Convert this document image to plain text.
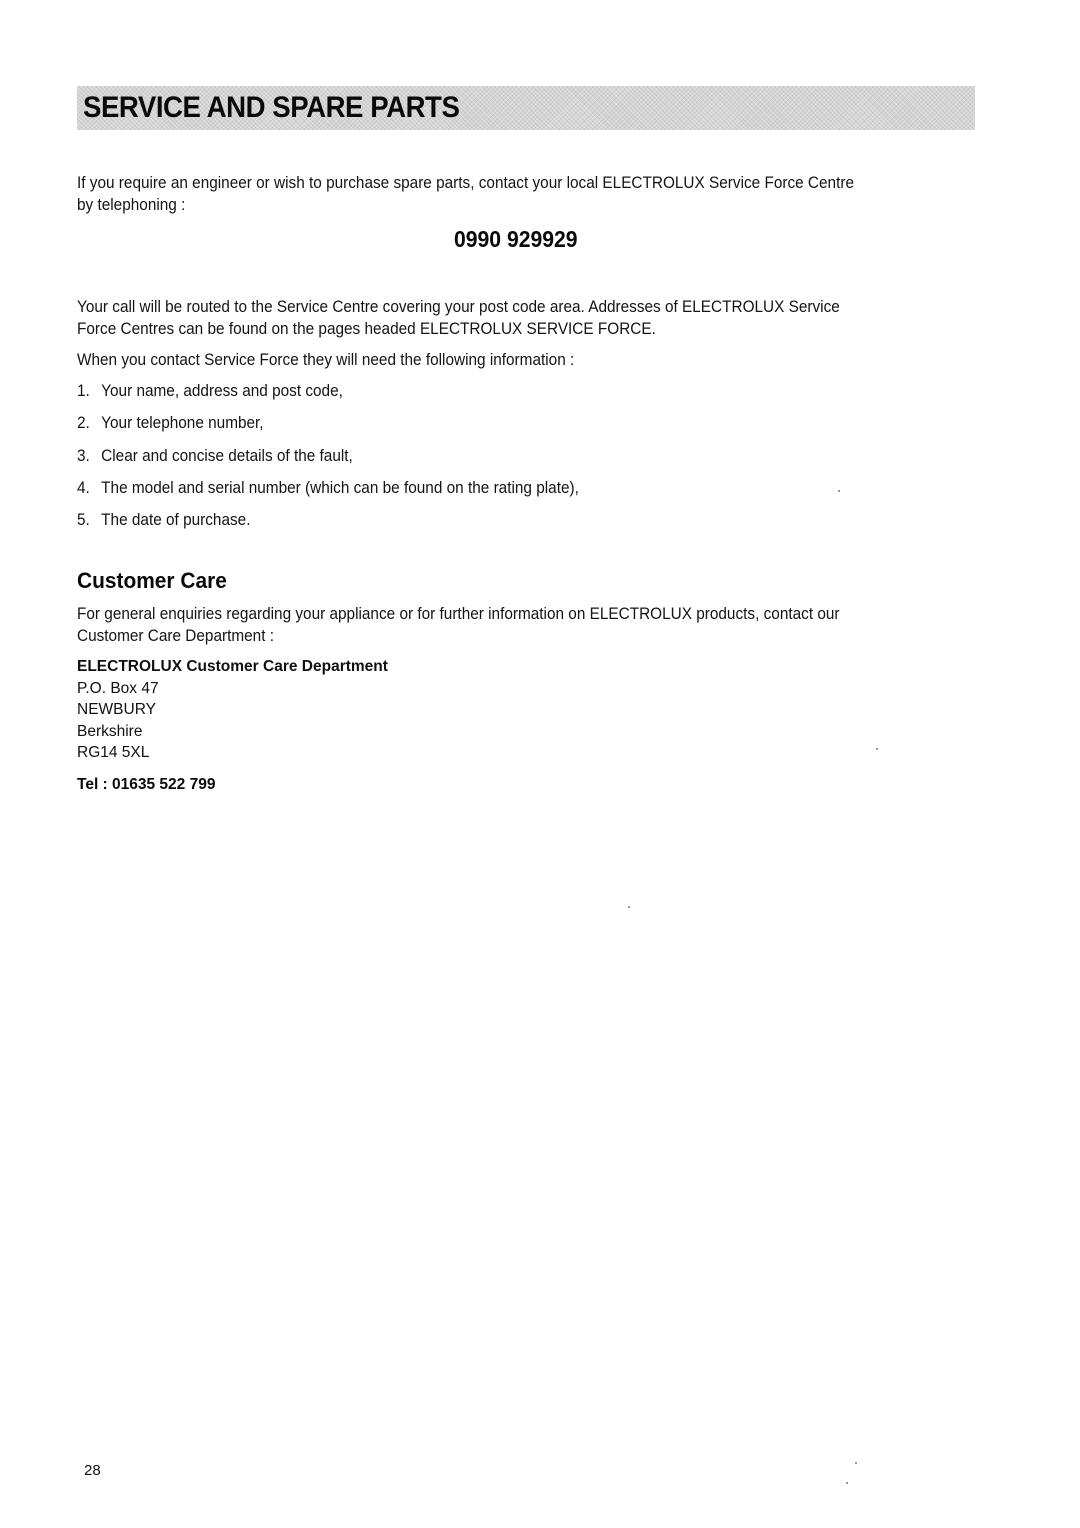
SERVICE AND SPARE PARTS
If you require an engineer or wish to purchase spare parts, contact your local ELECTROLUX Service Force Centre
by telephoning :
0990 929929
Your call will be routed to the Service Centre covering your post code area. Addresses of ELECTROLUX Service
Force Centres can be found on the pages headed ELECTROLUX SERVICE FORCE.
When you contact Service Force they will need the following information :
1. Your name, address and post code,
2. Your telephone number,
3. Clear and concise details of the fault,
4. The model and serial number (which can be found on the rating plate),
5. The date of purchase.
Customer Care
For general enquiries regarding your appliance or for further information on ELECTROLUX products, contact our
Customer Care Department :
ELECTROLUX Customer Care Department
P.O. Box 47
NEWBURY
Berkshire
RG14 5XL
Tel : 01635 522 799
28
